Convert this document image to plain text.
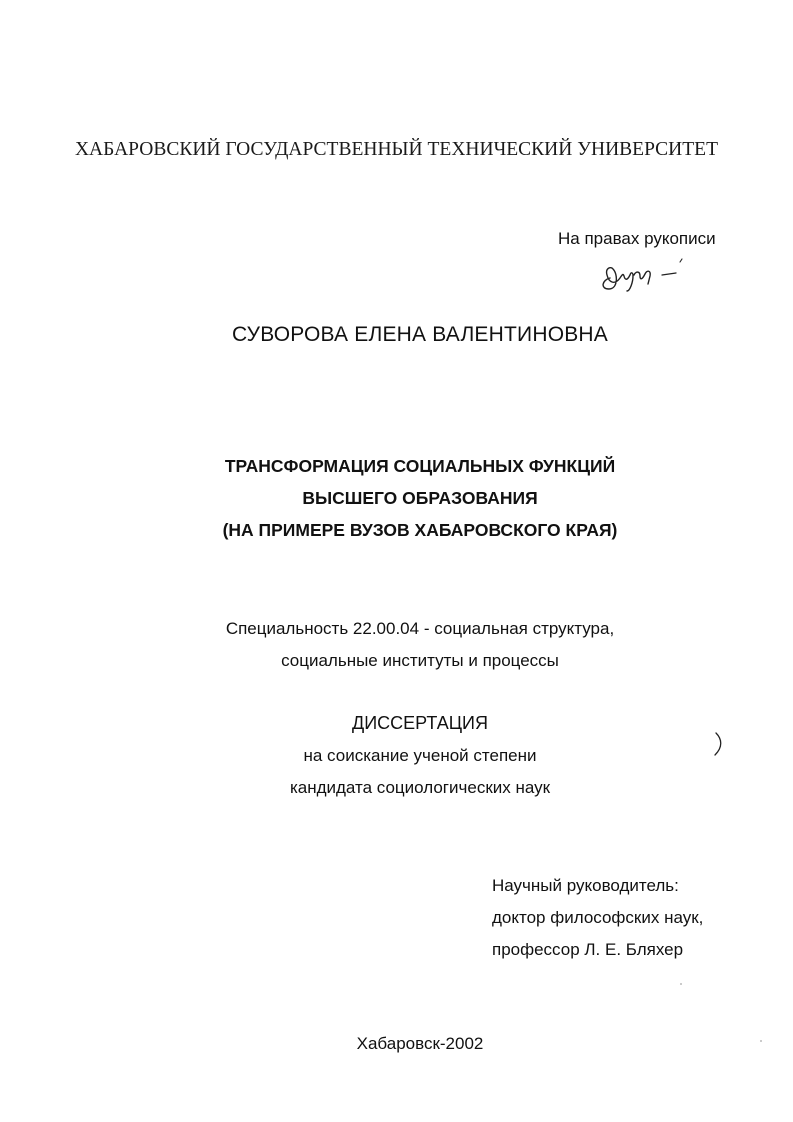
ХАБАРОВСКИЙ ГОСУДАРСТВЕННЫЙ ТЕХНИЧЕСКИЙ УНИВЕРСИТЕТ
На правах рукописи
СУВОРОВА ЕЛЕНА ВАЛЕНТИНОВНА
ТРАНСФОРМАЦИЯ СОЦИАЛЬНЫХ ФУНКЦИЙ
ВЫСШЕГО ОБРАЗОВАНИЯ
(НА ПРИМЕРЕ ВУЗОВ ХАБАРОВСКОГО КРАЯ)
Специальность 22.00.04 - социальная структура,
социальные институты и процессы
ДИССЕРТАЦИЯ
на соискание ученой степени
кандидата социологических наук
Научный руководитель:
доктор философских наук,
профессор Л. Е. Бляхер
Хабаровск-2002
